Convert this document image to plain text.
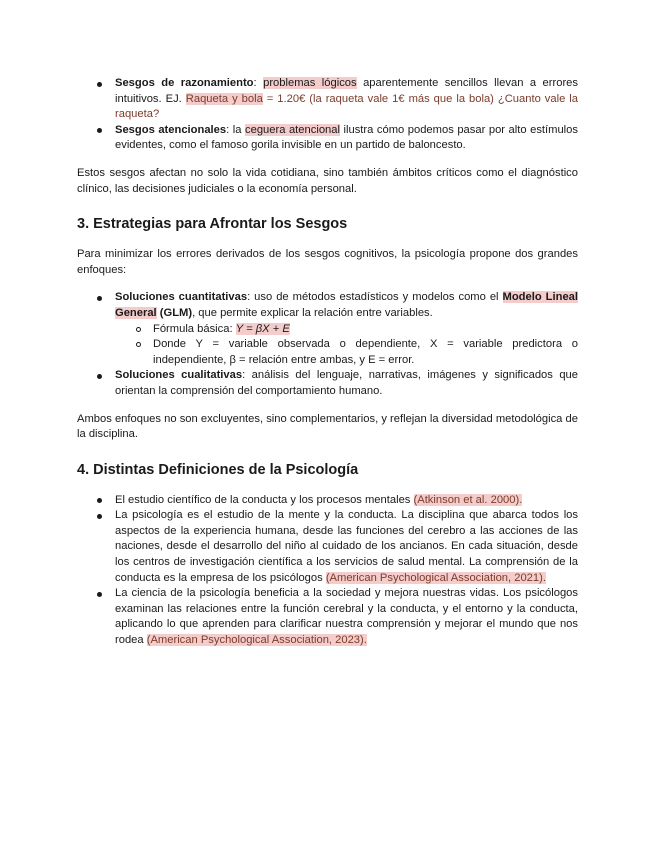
Sesgos de razonamiento: problemas lógicos aparentemente sencillos llevan a errores intuitivos. EJ. Raqueta y bola = 1.20€ (la raqueta vale 1€ más que la bola) ¿Cuanto vale la raqueta?
Sesgos atencionales: la ceguera atencional ilustra cómo podemos pasar por alto estímulos evidentes, como el famoso gorila invisible en un partido de baloncesto.

Estos sesgos afectan no solo la vida cotidiana, sino también ámbitos críticos como el diagnóstico clínico, las decisiones judiciales o la economía personal.

3. Estrategias para Afrontar los Sesgos

Para minimizar los errores derivados de los sesgos cognitivos, la psicología propone dos grandes enfoques:

Soluciones cuantitativas: uso de métodos estadísticos y modelos como el Modelo Lineal General (GLM), que permite explicar la relación entre variables.
Fórmula básica: Y = βX + E
Donde Y = variable observada o dependiente, X = variable predictora o independiente, β = relación entre ambas, y E = error.
Soluciones cualitativas: análisis del lenguaje, narrativas, imágenes y significados que orientan la comprensión del comportamiento humano.

Ambos enfoques no son excluyentes, sino complementarios, y reflejan la diversidad metodológica de la disciplina.

4. Distintas Definiciones de la Psicología
El estudio científico de la conducta y los procesos mentales (Atkinson et al. 2000).
La psicología es el estudio de la mente y la conducta. La disciplina que abarca todos los aspectos de la experiencia humana, desde las funciones del cerebro a las acciones de las naciones, desde el desarrollo del niño al cuidado de los ancianos. En cada situación, desde los centros de investigación científica a los servicios de salud mental. La comprensión de la conducta es la empresa de los psicólogos (American Psychological Association, 2021).
La ciencia de la psicología beneficia a la sociedad y mejora nuestras vidas. Los psicólogos examinan las relaciones entre la función cerebral y la conducta, y el entorno y la conducta, aplicando lo que aprenden para clarificar nuestra comprensión y mejorar el mundo que nos rodea (American Psychological Association, 2023).
